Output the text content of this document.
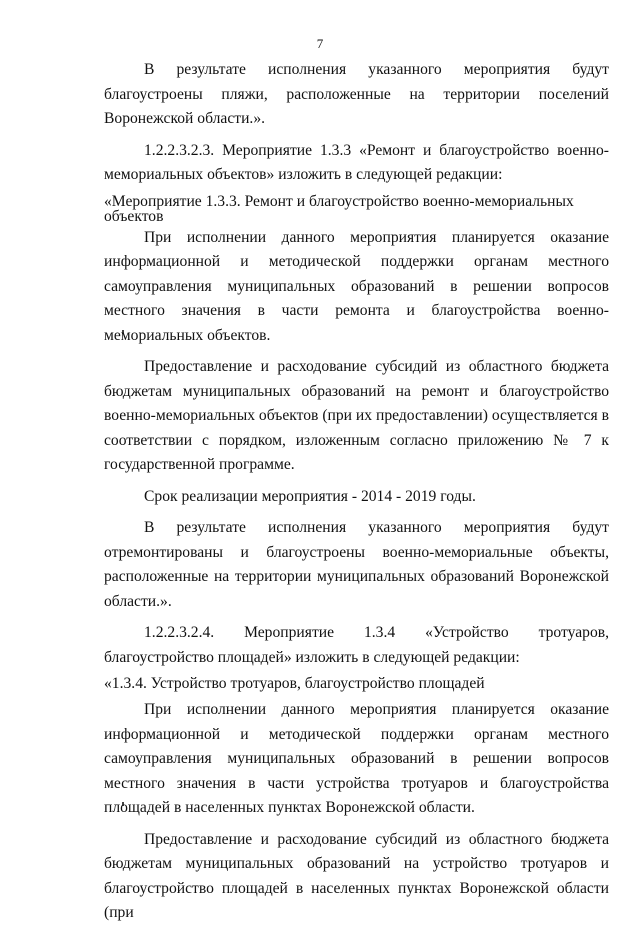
7

В результате исполнения указанного мероприятия будут благоустроены пляжи, расположенные на территории поселений Воронежской области.».

1.2.2.3.2.3. Мероприятие 1.3.3 «Ремонт и благоустройство военно-мемориальных объектов» изложить в следующей редакции:

«Мероприятие 1.3.3. Ремонт и благоустройство военно-мемориальных

объектов

При исполнении данного мероприятия планируется оказание информационной и методической поддержки органам местного самоуправления муниципальных образований в решении вопросов местного значения в части ремонта и благоустройства военно-мемориальных объектов.

Предоставление и расходование субсидий из областного бюджета бюджетам муниципальных образований на ремонт и благоустройство военно-мемориальных объектов (при их предоставлении) осуществляется в соответствии с порядком, изложенным согласно приложению № 7 к государственной программе.

Срок реализации мероприятия - 2014 - 2019 годы.

В результате исполнения указанного мероприятия будут отремонтированы и благоустроены военно-мемориальные объекты, расположенные на территории муниципальных образований Воронежской области.».

1.2.2.3.2.4. Мероприятие 1.3.4 «Устройство тротуаров, благоустройство площадей» изложить в следующей редакции:

«1.3.4. Устройство тротуаров, благоустройство площадей

При исполнении данного мероприятия планируется оказание информационной и методической поддержки органам местного самоуправления муниципальных образований в решении вопросов местного значения в части устройства тротуаров и благоустройства площадей в населенных пунктах Воронежской области.

Предоставление и расходование субсидий из областного бюджета бюджетам муниципальных образований на устройство тротуаров и благоустройство площадей в населенных пунктах Воронежской области (при
